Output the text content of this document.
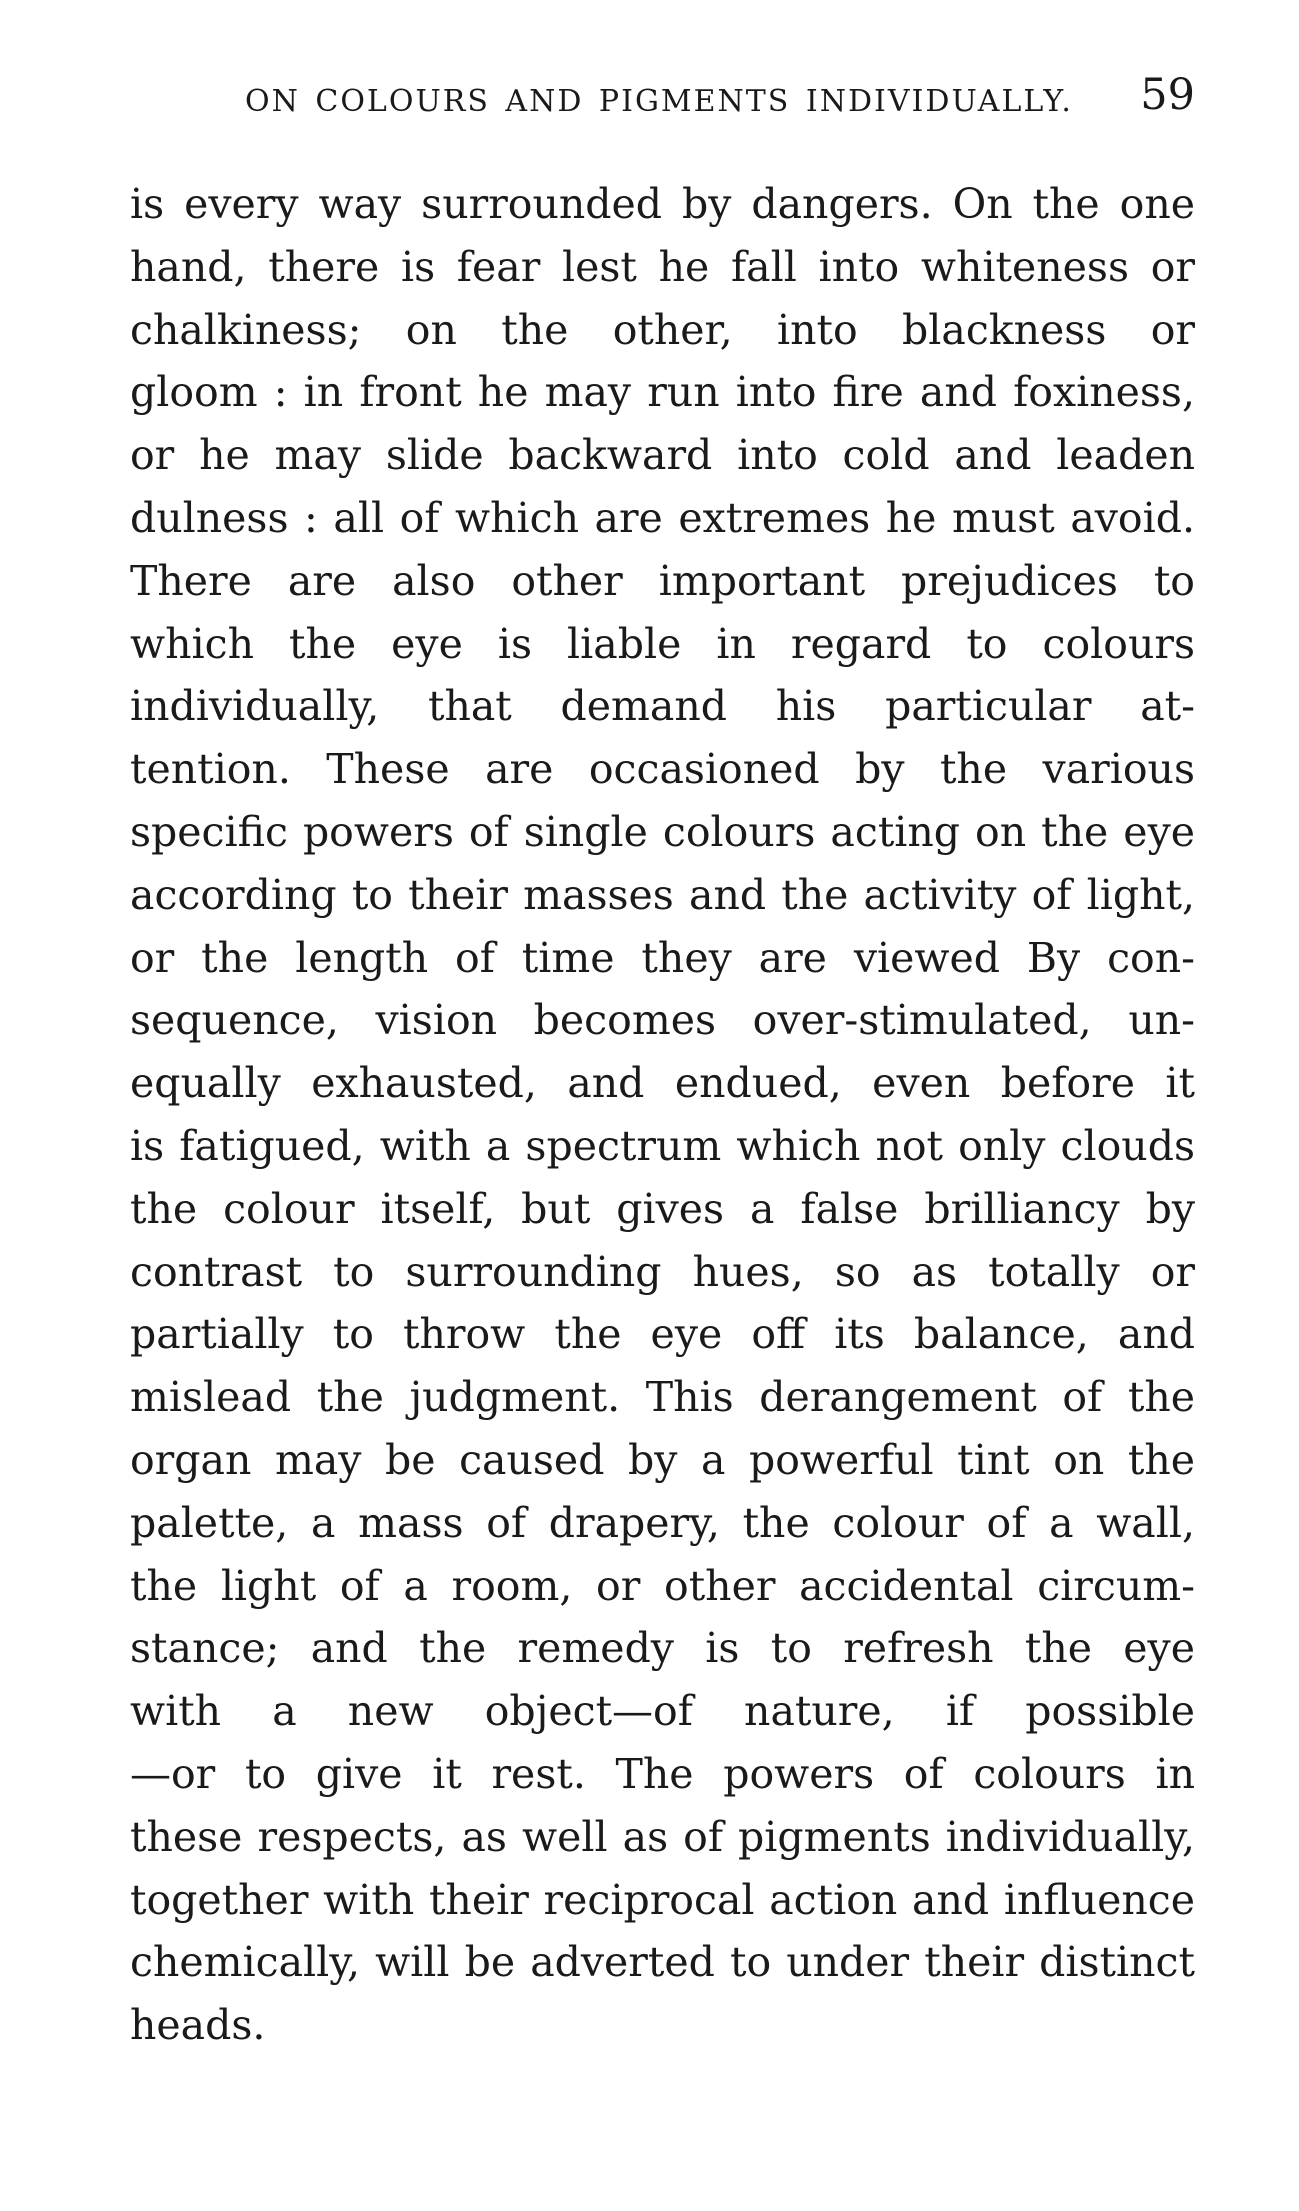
ON COLOURS AND PIGMENTS INDIVIDUALLY. 59
is every way surrounded by dangers. On the one
hand, there is fear lest he fall into whiteness or
chalkiness; on the other, into blackness or
gloom : in front he may run into fire and foxiness,
or he may slide backward into cold and leaden
dulness : all of which are extremes he must avoid.
There are also other important prejudices to
which the eye is liable in regard to colours
individually, that demand his particular at-
tention. These are occasioned by the various
specific powers of single colours acting on the eye
according to their masses and the activity of light,
or the length of time they are viewed By con-
sequence, vision becomes over-stimulated, un-
equally exhausted, and endued, even before it
is fatigued, with a spectrum which not only clouds
the colour itself, but gives a false brilliancy by
contrast to surrounding hues, so as totally or
partially to throw the eye off its balance, and
mislead the judgment. This derangement of the
organ may be caused by a powerful tint on the
palette, a mass of drapery, the colour of a wall,
the light of a room, or other accidental circum-
stance; and the remedy is to refresh the eye
with a new object—of nature, if possible
—or to give it rest. The powers of colours in
these respects, as well as of pigments individually,
together with their reciprocal action and influence
chemically, will be adverted to under their distinct
heads.
